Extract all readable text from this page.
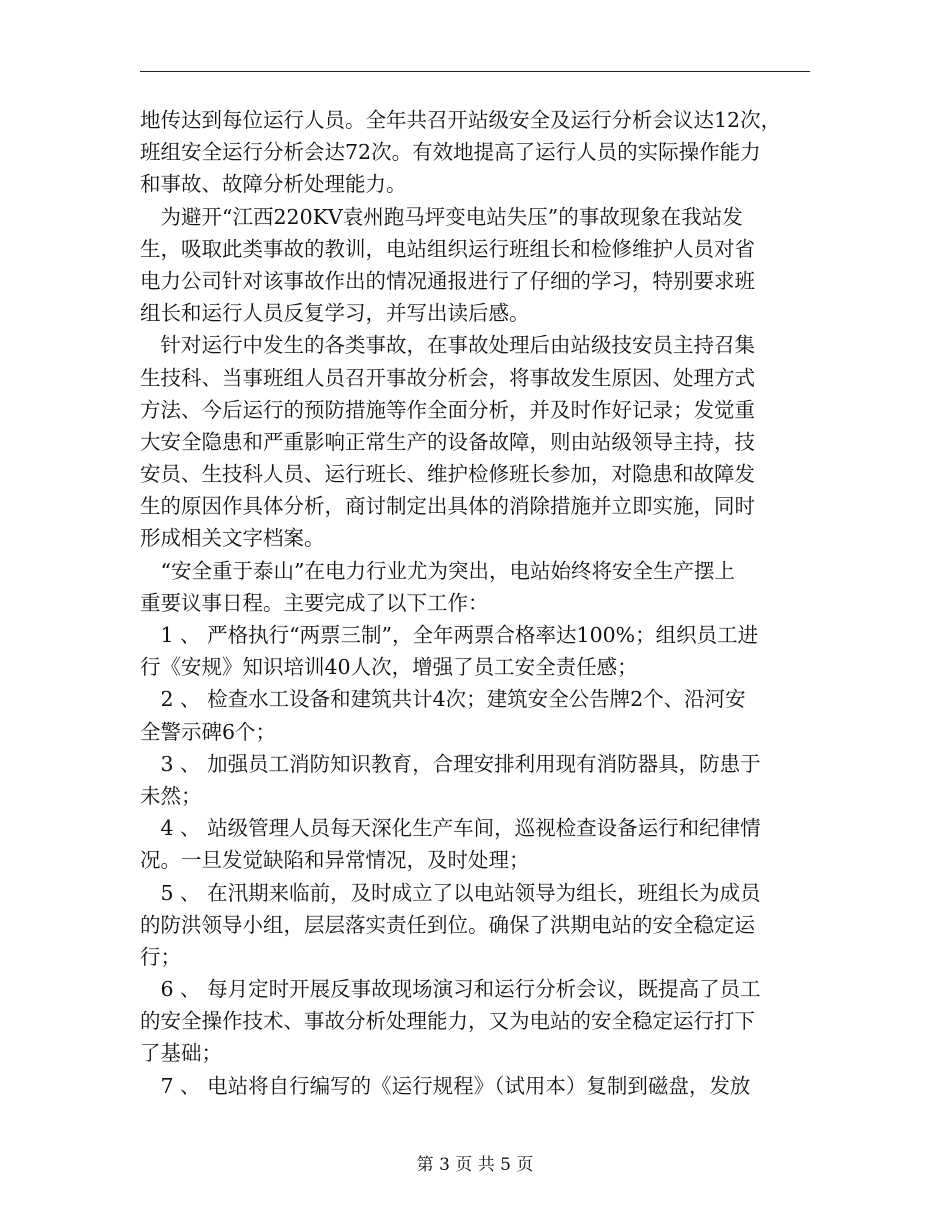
地传达到每位运行人员。全年共召开站级安全及运行分析会议达12次，
班组安全运行分析会达72次。有效地提高了运行人员的实际操作能力
和事故、故障分析处理能力。
　为避开“江西220KV袁州跑马坪变电站失压”的事故现象在我站发
生，吸取此类事故的教训，电站组织运行班组长和检修维护人员对省
电力公司针对该事故作出的情况通报进行了仔细的学习，特别要求班
组长和运行人员反复学习，并写出读后感。
　针对运行中发生的各类事故，在事故处理后由站级技安员主持召集
生技科、当事班组人员召开事故分析会，将事故发生原因、处理方式
方法、今后运行的预防措施等作全面分析，并及时作好记录；发觉重
大安全隐患和严重影响正常生产的设备故障，则由站级领导主持，技
安员、生技科人员、运行班长、维护检修班长参加，对隐患和故障发
生的原因作具体分析，商讨制定出具体的消除措施并立即实施，同时
形成相关文字档案。
　“安全重于泰山”在电力行业尤为突出，电站始终将安全生产摆上
重要议事日程。主要完成了以下工作：
　1 、 严格执行“两票三制”，全年两票合格率达100%；组织员工进
行《安规》知识培训40人次，增强了员工安全责任感；
　2 、 检查水工设备和建筑共计4次；建筑安全公告牌2个、沿河安
全警示碑6个；
　3 、 加强员工消防知识教育，合理安排利用现有消防器具，防患于
未然；
　4 、 站级管理人员每天深化生产车间，巡视检查设备运行和纪律情
况。一旦发觉缺陷和异常情况，及时处理；
　5 、 在汛期来临前，及时成立了以电站领导为组长，班组长为成员
的防洪领导小组，层层落实责任到位。确保了洪期电站的安全稳定运
行；
　6 、 每月定时开展反事故现场演习和运行分析会议，既提高了员工
的安全操作技术、事故分析处理能力，又为电站的安全稳定运行打下
了基础；
　7 、 电站将自行编写的《运行规程》（试用本）复制到磁盘，发放
第 3 页 共 5 页
